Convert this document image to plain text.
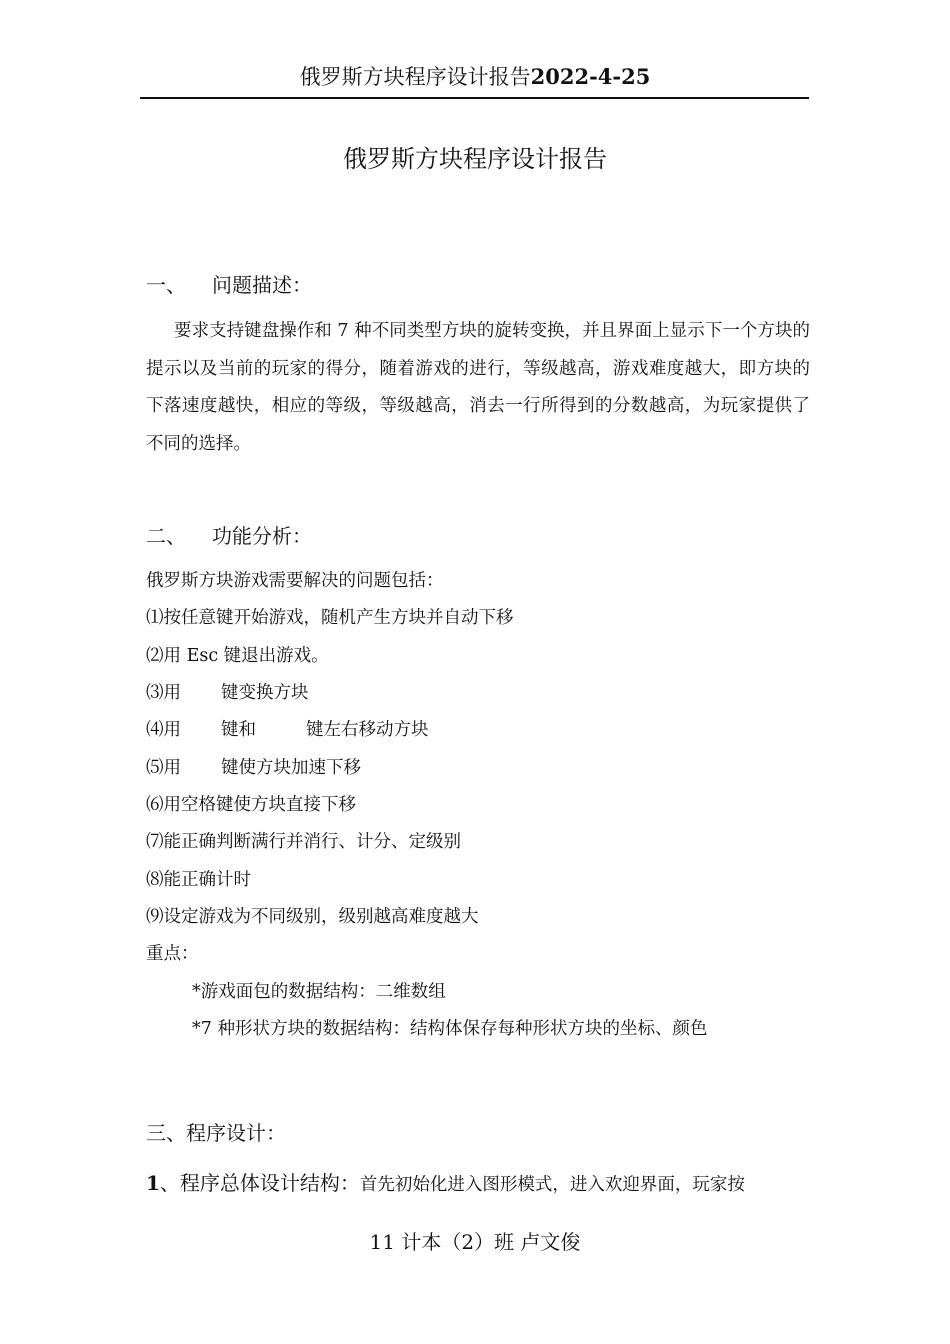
俄罗斯方块程序设计报告2022-4-25
俄罗斯方块程序设计报告
一、 问题描述：
要求支持键盘操作和 7 种不同类型方块的旋转变换，并且界面上显示下一个方块的提示以及当前的玩家的得分，随着游戏的进行，等级越高，游戏难度越大，即方块的下落速度越快，相应的等级，等级越高，消去一行所得到的分数越高，为玩家提供了不同的选择。
二、 功能分析：
俄罗斯方块游戏需要解决的问题包括：
⑴按任意键开始游戏，随机产生方块并自动下移
⑵用 Esc 键退出游戏。
⑶用 键变换方块
⑷用 键和	键左右移动方块
⑸用 键使方块加速下移
⑹用空格键使方块直接下移
⑺能正确判断满行并消行、计分、定级别
⑻能正确计时
⑼设定游戏为不同级别，级别越高难度越大
重点：
*游戏面包的数据结构：二维数组
*7 种形状方块的数据结构：结构体保存每种形状方块的坐标、颜色
三、程序设计：
1、程序总体设计结构：首先初始化进入图形模式，进入欢迎界面，玩家按
11 计本（2）班 卢文俊
